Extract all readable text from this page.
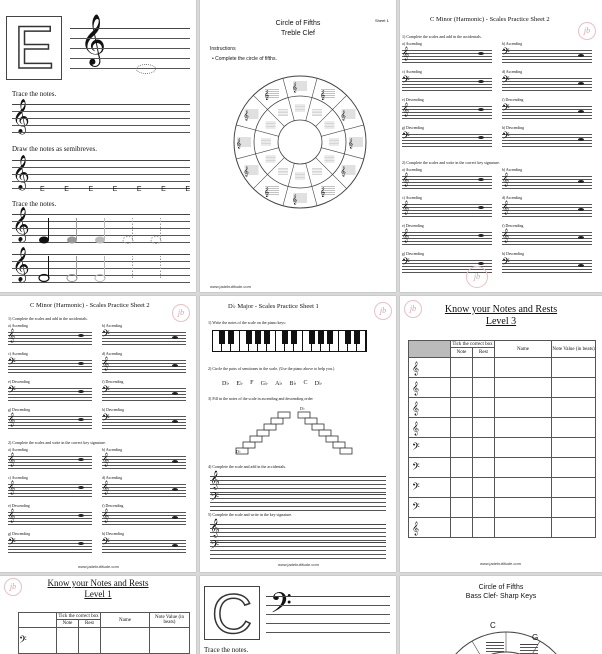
E 𝄞
Trace the notes.
𝄞
Draw the notes as semibreves.
𝄞 E	E	E	E	E	E	E
Trace the notes.
𝄞
𝄞
Sheet 1
Circle of Fifths
Treble Clef
Instructions
• Complete the circle of fifths.
𝄞
𝄞
𝄞
𝄞
𝄞
𝄞
𝄞
𝄞
𝄞
𝄞
𝄞
𝄞
www.jadebultitude.com
C Minor (Harmonic) - Scales Practice Sheet 2
jb
1) Complete the scales and add in the accidentals.
a) Ascending	b) Ascending
𝄞	𝄢
c) Ascending	d) Ascending
𝄢	𝄢
e) Descending	f) Descending
𝄞	𝄢
g) Descending	h) Descending
𝄢	𝄢
2) Complete the scales and write in the correct key signature.
a) Ascending	b) Ascending
𝄞	𝄞
c) Ascending	d) Ascending
𝄞	𝄞
e) Descending	f) Descending
𝄞	𝄞
g) Descending	h) Descending
𝄢	𝄢
jb
C Minor (Harmonic) - Scales Practice Sheet 2
jb
1) Complete the scales and add in the accidentals.
a) Ascending	b) Ascending
𝄞	𝄢
c) Ascending	d) Ascending
𝄢	𝄞
e) Descending	f) Descending
𝄢	𝄢
g) Descending	h) Descending
𝄞	𝄢
2) Complete the scales and write in the correct key signature.
a) Ascending	b) Ascending
𝄞	𝄞
c) Ascending	d) Ascending
𝄞	𝄞
e) Descending	f) Descending
𝄞	𝄞
g) Descending	h) Descending
𝄢	𝄢
www.jadebultitude.com
D♭ Major - Scales Practice Sheet 1	jb
1) Write the notes of the scale on the piano keys:
2) Circle the pairs of semitones in the scale. (Use the piano above to help you.)
D♭ E♭ F G♭ A♭ B♭ C D♭
3) Fill in the notes of the scale in ascending and descending order
D♭
D♭
4) Complete the scale and add in the accidentals.
𝄞
𝄢
5) Complete the scale and write in the key signature.
𝄞
𝄢
www.jadebultitude.com
jb	Know your Notes and Rests
Level 3
	Tick the correct box		Name	Note Value (in beats)
	Note	Rest		
𝄞				
𝄞				
𝄞				
𝄞				
𝄢				
𝄢				
𝄢				
𝄢				
𝄞				
www.jadebultitude.com
jb	Know your Notes and Rests
Level 1
	Tick the correct box		Name	Note Value (in beats)
	Note	Rest		
𝄢					C 𝄢
Trace the notes.
Circle of Fifths
Bass Clef- Sharp Keys
C
G
